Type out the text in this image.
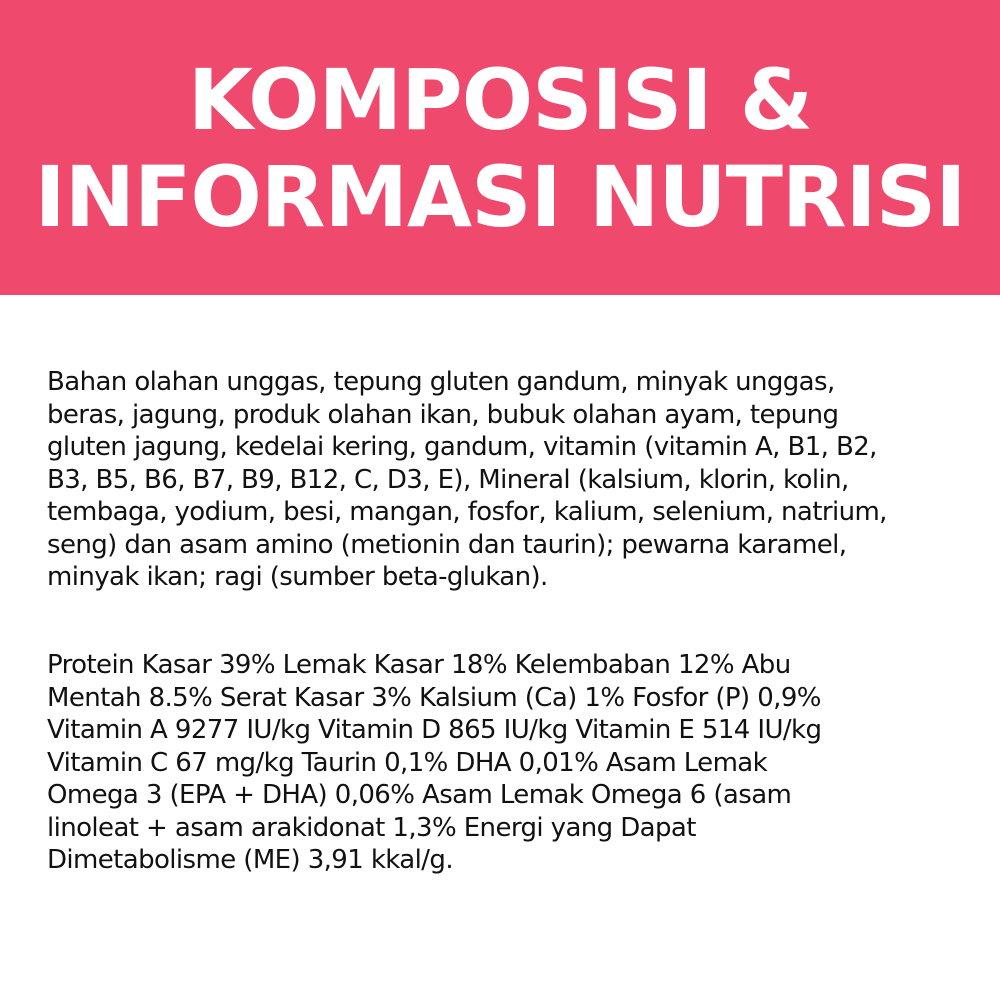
KOMPOSISI &
INFORMASI NUTRISI
Bahan olahan unggas, tepung gluten gandum, minyak unggas,
beras, jagung, produk olahan ikan, bubuk olahan ayam, tepung
gluten jagung, kedelai kering, gandum, vitamin (vitamin A, B1, B2,
B3, B5, B6, B7, B9, B12, C, D3, E), Mineral (kalsium, klorin, kolin,
tembaga, yodium, besi, mangan, fosfor, kalium, selenium, natrium,
seng) dan asam amino (metionin dan taurin); pewarna karamel,
minyak ikan; ragi (sumber beta-glukan).
Protein Kasar 39% Lemak Kasar 18% Kelembaban 12% Abu
Mentah 8.5% Serat Kasar 3% Kalsium (Ca) 1% Fosfor (P) 0,9%
Vitamin A 9277 IU/kg Vitamin D 865 IU/kg Vitamin E 514 IU/kg
Vitamin C 67 mg/kg Taurin 0,1% DHA 0,01% Asam Lemak
Omega 3 (EPA + DHA) 0,06% Asam Lemak Omega 6 (asam
linoleat + asam arakidonat 1,3% Energi yang Dapat
Dimetabolisme (ME) 3,91 kkal/g.
